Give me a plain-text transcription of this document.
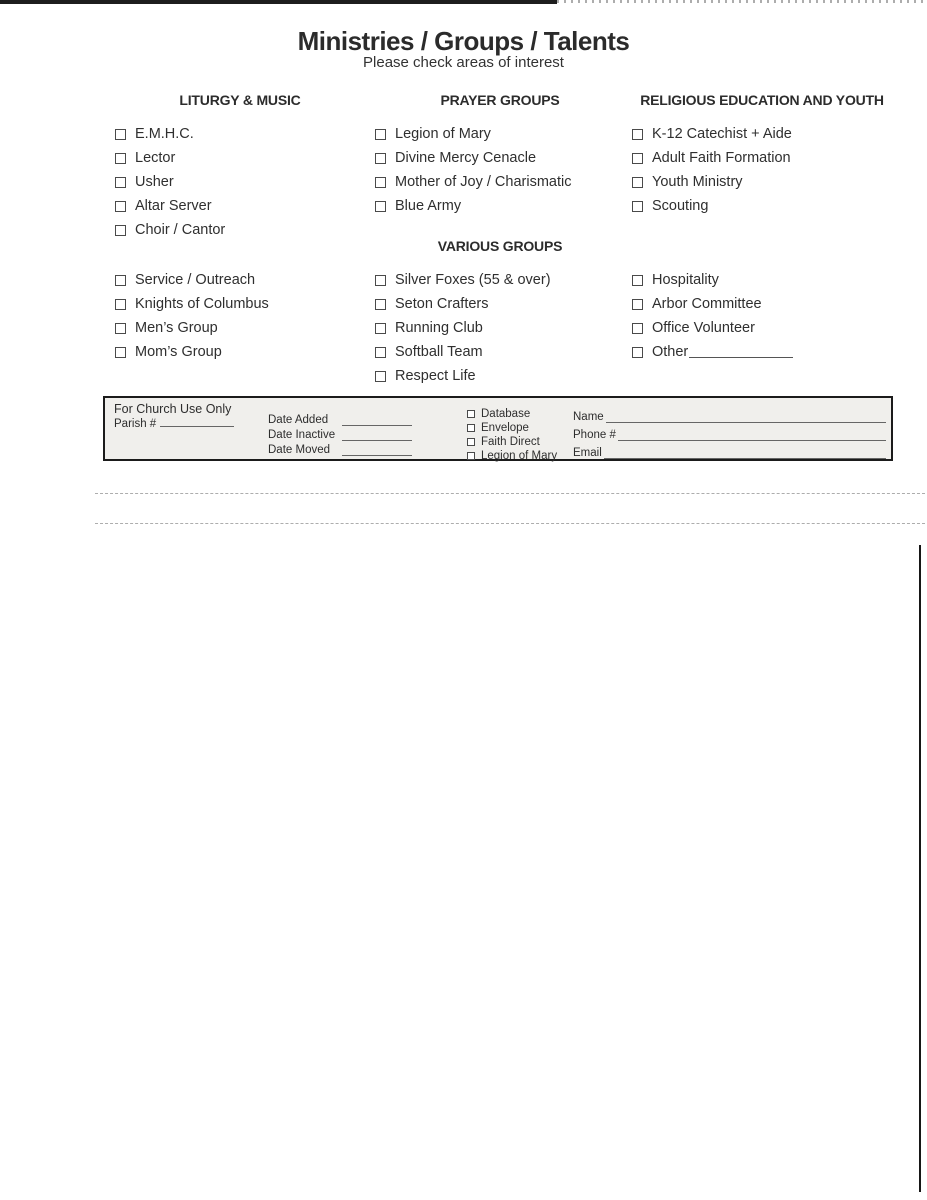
Ministries / Groups / Talents
Please check areas of interest
LITURGY & MUSIC	PRAYER GROUPS	RELIGIOUS EDUCATION AND YOUTH
VARIOUS GROUPS
E.M.H.C.
Lector
Usher
Altar Server
Choir / Cantor
Legion of Mary
Divine Mercy Cenacle
Mother of Joy / Charismatic
Blue Army
K-12 Catechist + Aide
Adult Faith Formation
Youth Ministry
Scouting
Service / Outreach
Knights of Columbus
Men’s Group
Mom’s Group
Silver Foxes (55 & over)
Seton Crafters
Running Club
Softball Team
Respect Life
Hospitality
Arbor Committee
Office Volunteer
Other
For Church Use Only
Parish #	Date Added
Date Inactive
Date Moved
Database
Envelope
Faith Direct
Legion of Mary
Name
Phone #
Email
